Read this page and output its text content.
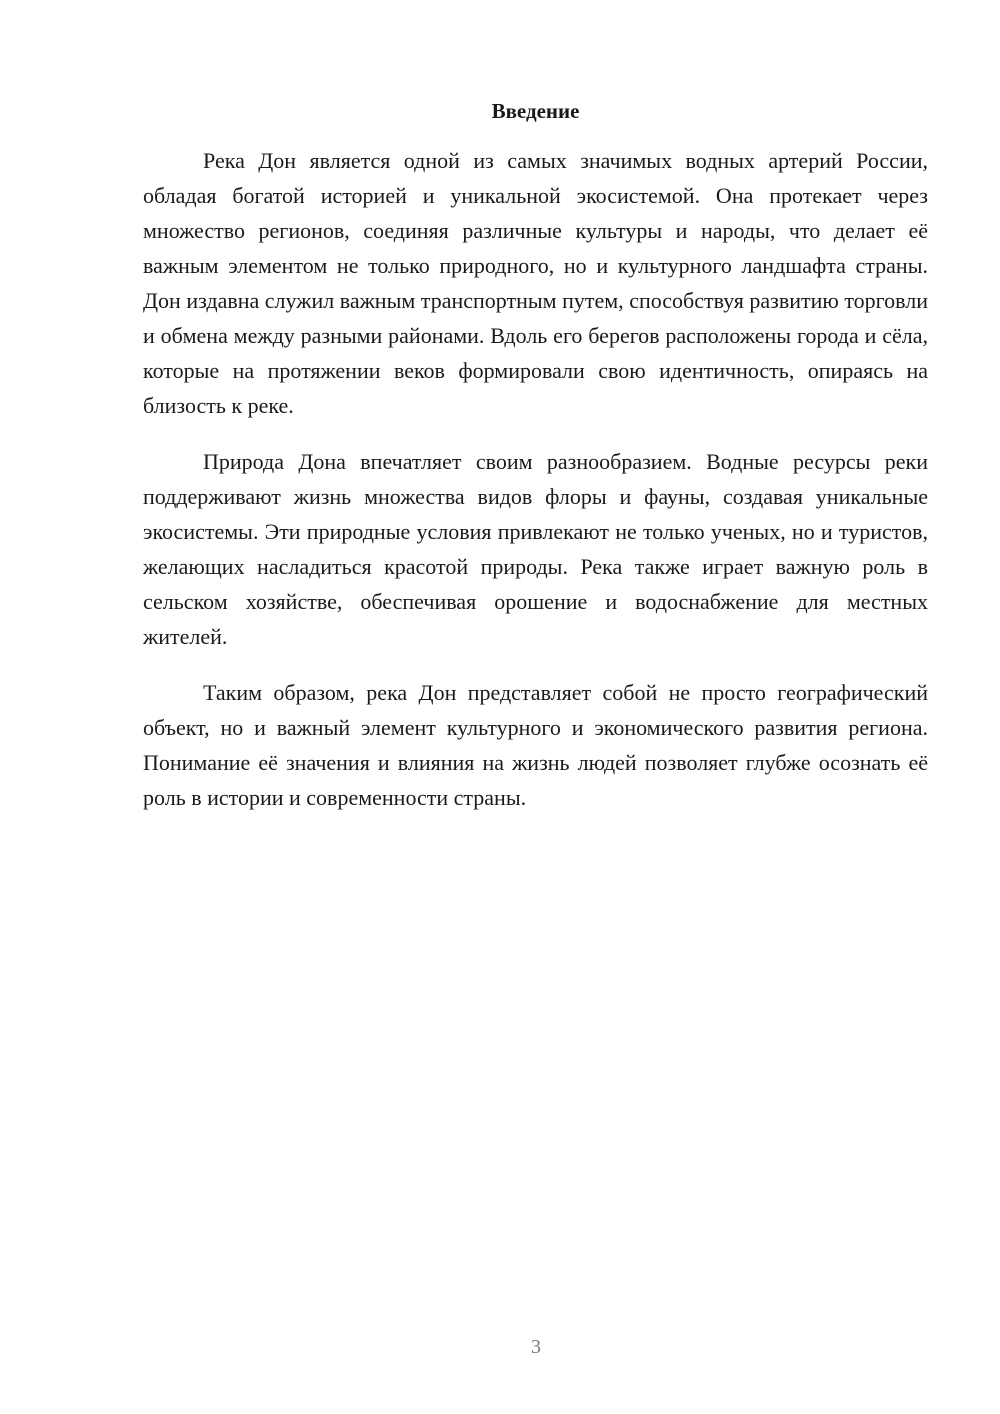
Введение

Река Дон является одной из самых значимых водных артерий России, обладая богатой историей и уникальной экосистемой. Она протекает через множество регионов, соединяя различные культуры и народы, что делает её важным элементом не только природного, но и культурного ландшафта страны. Дон издавна служил важным транспортным путем, способствуя развитию торговли и обмена между разными районами. Вдоль его берегов расположены города и сёла, которые на протяжении веков формировали свою идентичность, опираясь на близость к реке.

Природа Дона впечатляет своим разнообразием. Водные ресурсы реки поддерживают жизнь множества видов флоры и фауны, создавая уникальные экосистемы. Эти природные условия привлекают не только ученых, но и туристов, желающих насладиться красотой природы. Река также играет важную роль в сельском хозяйстве, обеспечивая орошение и водоснабжение для местных жителей.

Таким образом, река Дон представляет собой не просто географический объект, но и важный элемент культурного и экономического развития региона. Понимание её значения и влияния на жизнь людей позволяет глубже осознать её роль в истории и современности страны.

3
